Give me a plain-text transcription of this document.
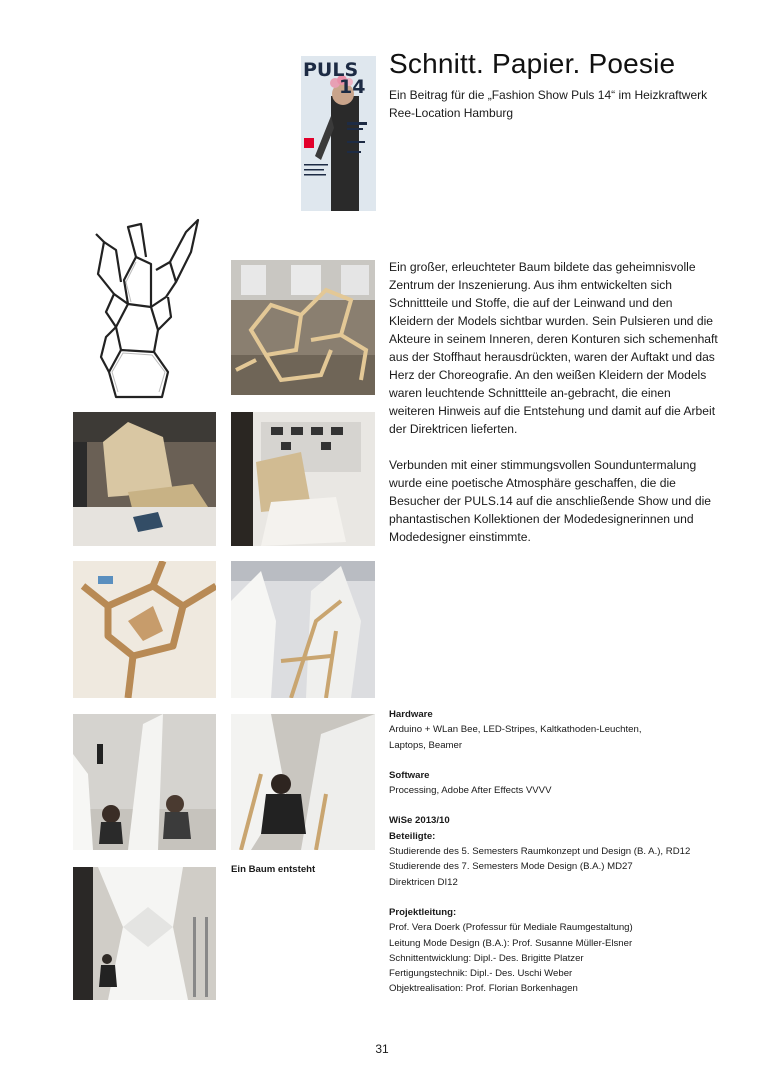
PULS
14
Schnitt. Papier. Poesie
Ein Beitrag für die „Fashion Show Puls 14“ im Heizkraftwerk
Ree-Location Hamburg

Ein großer, erleuchteter Baum bildete das geheimnisvolle Zentrum der Inszenierung. Aus ihm entwickelten sich Schnittteile und Stoffe, die auf der Leinwand und den Kleidern der Models sichtbar wurden. Sein Pulsieren und die Akteure in seinem Inneren, deren Konturen sich schemenhaft aus der Stoffhaut herausdrückten, waren der Auftakt und das Herz der Choreografie. An den weißen Kleidern der Models waren leuchtende Schnittteile an-gebracht, die einen weiteren Hinweis auf die Entstehung und damit auf die Arbeit der Direktricen lieferten.

Verbunden mit einer stimmungsvollen Sounduntermalung wurde eine poetische Atmosphäre geschaffen, die die Besucher der PULS.14 auf die anschließende Show und die phantastischen Kollektionen der Modedesignerinnen und Modedesigner einstimmte.

Hardware
Arduino + WLan Bee, LED-Stripes, Kaltkathoden-Leuchten,
Laptops, Beamer
Software
Processing, Adobe After Effects VVVV
WiSe 2013/10
Beteiligte:
Studierende des 5. Semesters Raumkonzept und Design (B. A.), RD12
Studierende des 7. Semesters Mode Design (B.A.) MD27
Direktricen DI12
Projektleitung:
Prof. Vera Doerk (Professur für Mediale Raumgestaltung)
Leitung Mode Design (B.A.): Prof. Susanne Müller-Elsner
Schnittentwicklung: Dipl.- Des. Brigitte Platzer
Fertigungstechnik: Dipl.- Des. Uschi Weber
Objektrealisation: Prof. Florian Borkenhagen
Ein Baum entsteht
31
